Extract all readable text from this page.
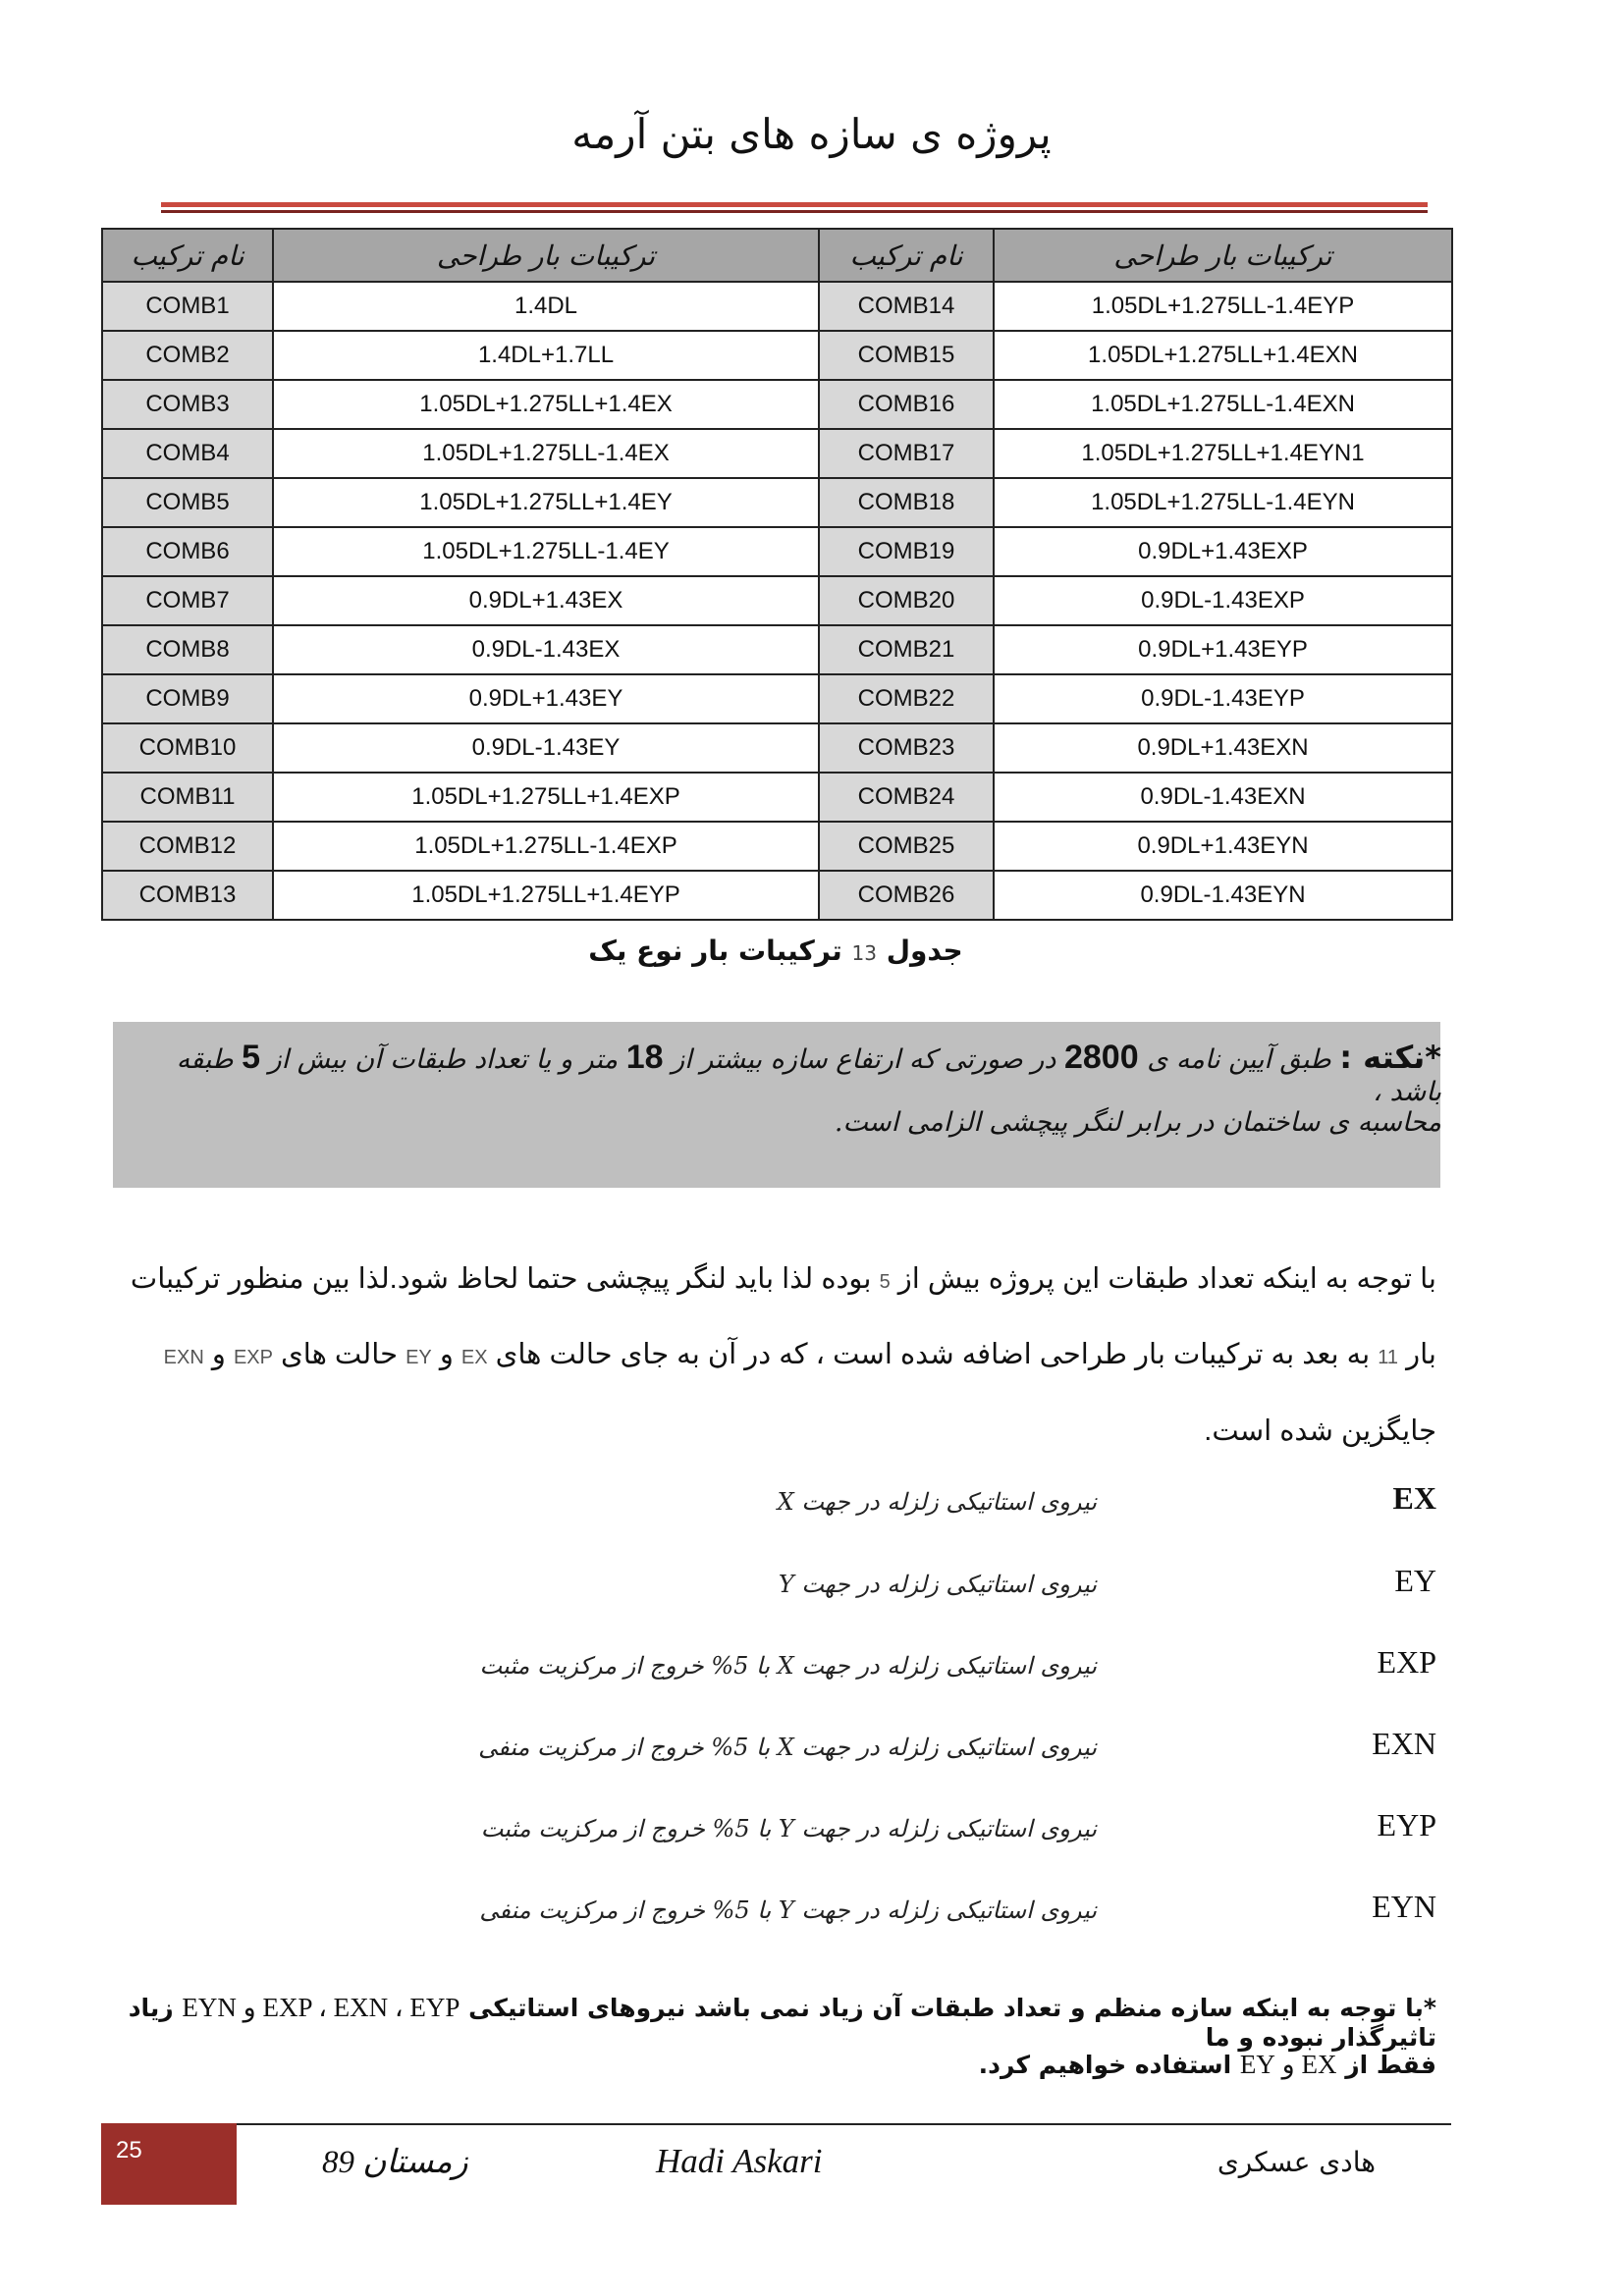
پروژه ی سازه های بتن آرمه
نام ترکیب	ترکیبات بار طراحی	نام ترکیب	ترکیبات بار طراحی
COMB1	1.4DL	COMB14	1.05DL+1.275LL-1.4EYP
COMB2	1.4DL+1.7LL	COMB15	1.05DL+1.275LL+1.4EXN
COMB3	1.05DL+1.275LL+1.4EX	COMB16	1.05DL+1.275LL-1.4EXN
COMB4	1.05DL+1.275LL-1.4EX	COMB17	1.05DL+1.275LL+1.4EYN1
COMB5	1.05DL+1.275LL+1.4EY	COMB18	1.05DL+1.275LL-1.4EYN
COMB6	1.05DL+1.275LL-1.4EY	COMB19	0.9DL+1.43EXP
COMB7	0.9DL+1.43EX	COMB20	0.9DL-1.43EXP
COMB8	0.9DL-1.43EX	COMB21	0.9DL+1.43EYP
COMB9	0.9DL+1.43EY	COMB22	0.9DL-1.43EYP
COMB10	0.9DL-1.43EY	COMB23	0.9DL+1.43EXN
COMB11	1.05DL+1.275LL+1.4EXP	COMB24	0.9DL-1.43EXN
COMB12	1.05DL+1.275LL-1.4EXP	COMB25	0.9DL+1.43EYN
COMB13	1.05DL+1.275LL+1.4EYP	COMB26	0.9DL-1.43EYN
جدول 13 ترکیبات بار نوع یک
*نکته : طبق آیین نامه ی 2800 در صورتی که ارتفاع سازه بیشتر از 18 متر و یا تعداد طبقات آن بیش از 5 طبقه باشد ،
محاسبه ی ساختمان در برابر لنگر پیچشی الزامی است.
با توجه به اینکه تعداد طبقات این پروژه بیش از 5 بوده لذا باید لنگر پیچشی حتما لحاظ شود.لذا بین منظور ترکیبات
بار 11 به بعد به ترکیبات بار طراحی اضافه شده است ، که در آن به جای حالت های EX و EY حالت های EXP و EXN
جایگزین شده است.
EX
نیروی استاتیکی زلزله در جهت X
EY
نیروی استاتیکی زلزله در جهت Y
EXP
نیروی استاتیکی زلزله در جهت X با 5% خروج از مرکزیت مثبت
EXN
نیروی استاتیکی زلزله در جهت X با 5% خروج از مرکزیت منفی
EYP
نیروی استاتیکی زلزله در جهت Y با 5% خروج از مرکزیت مثبت
EYN
نیروی استاتیکی زلزله در جهت Y با 5% خروج از مرکزیت منفی
*با توجه به اینکه سازه منظم و تعداد طبقات آن زیاد نمی باشد نیروهای استاتیکی EXP ، EXN ، EYP و EYN زیاد تاثیرگذار نبوده و ما
فقط از EX و EY استفاده خواهیم کرد.
25	زمستان 89	Hadi Askari	هادی عسکری
